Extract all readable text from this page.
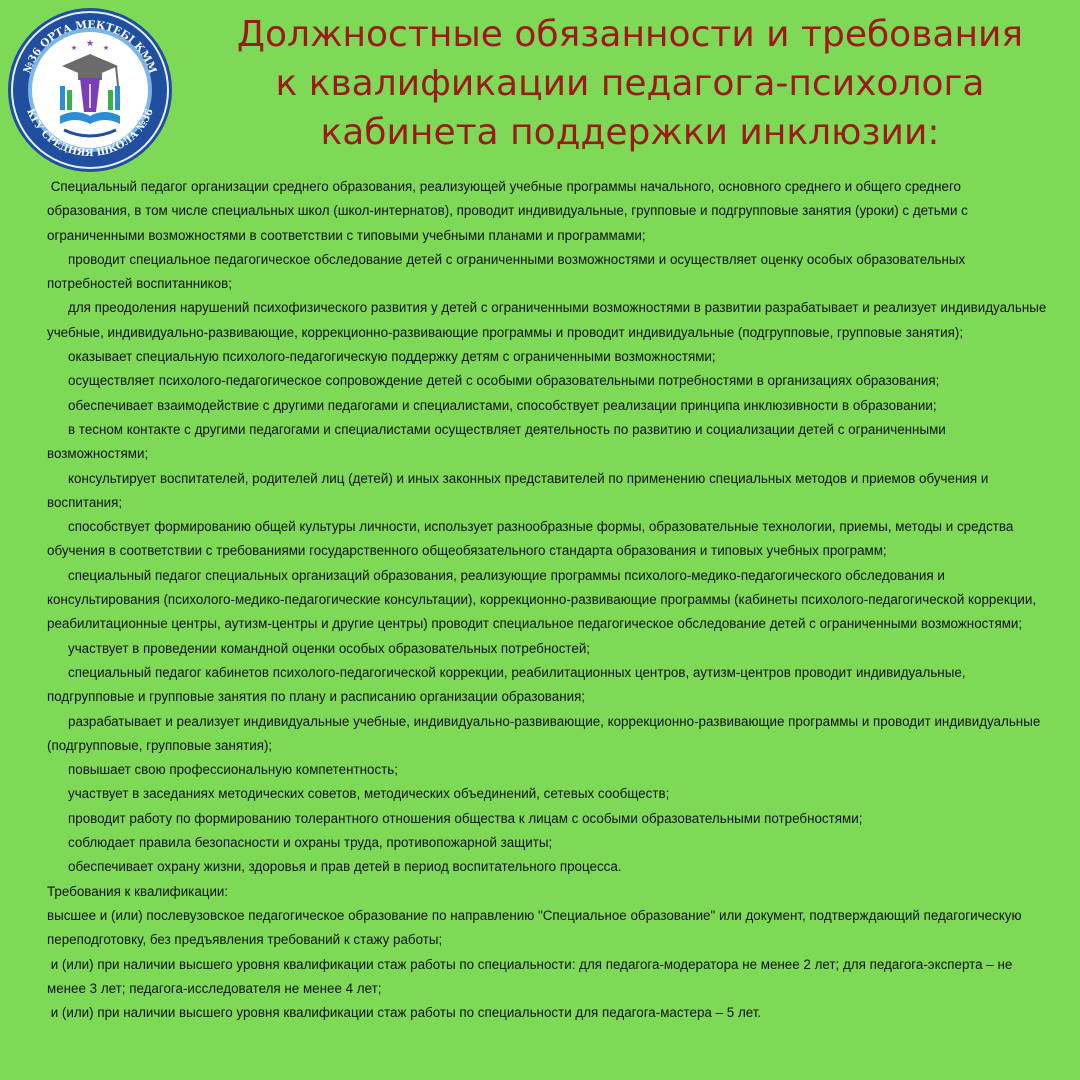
№36 ОРТА МЕКТЕБІ КММ
КГУ СРЕДНЯЯ ШКОЛА №36
★
★	★	Должностные обязанности и требования
к квалификации педагога-психолога
кабинета поддержки инклюзии:

Специальный педагог организации среднего образования, реализующей учебные программы начального, основного среднего и общего среднего образования, в том числе специальных школ (школ-интернатов), проводит индивидуальные, групповые и подгрупповые занятия (уроки) с детьми с ограниченными возможностями в соответствии с типовыми учебными планами и программами;

проводит специальное педагогическое обследование детей с ограниченными возможностями и осуществляет оценку особых образовательных потребностей воспитанников;

для преодоления нарушений психофизического развития у детей с ограниченными возможностями в развитии разрабатывает и реализует индивидуальные учебные, индивидуально-развивающие, коррекционно-развивающие программы и проводит индивидуальные (подгрупповые, групповые занятия);

оказывает специальную психолого-педагогическую поддержку детям с ограниченными возможностями;

осуществляет психолого-педагогическое сопровождение детей с особыми образовательными потребностями в организациях образования;

обеспечивает взаимодействие с другими педагогами и специалистами, способствует реализации принципа инклюзивности в образовании;

в тесном контакте с другими педагогами и специалистами осуществляет деятельность по развитию и социализации детей с ограниченными возможностями;

консультирует воспитателей, родителей лиц (детей) и иных законных представителей по применению специальных методов и приемов обучения и воспитания;

способствует формированию общей культуры личности, использует разнообразные формы, образовательные технологии, приемы, методы и средства обучения в соответствии с требованиями государственного общеобязательного стандарта образования и типовых учебных программ;

специальный педагог специальных организаций образования, реализующие программы психолого-медико-педагогического обследования и консультирования (психолого-медико-педагогические консультации), коррекционно-развивающие программы (кабинеты психолого-педагогической коррекции, реабилитационные центры, аутизм-центры и другие центры) проводит специальное педагогическое обследование детей с ограниченными возможностями;

участвует в проведении командной оценки особых образовательных потребностей;

специальный педагог кабинетов психолого-педагогической коррекции, реабилитационных центров, аутизм-центров проводит индивидуальные, подгрупповые и групповые занятия по плану и расписанию организации образования;

разрабатывает и реализует индивидуальные учебные, индивидуально-развивающие, коррекционно-развивающие программы и проводит индивидуальные (подгрупповые, групповые занятия);

повышает свою профессиональную компетентность;

участвует в заседаниях методических советов, методических объединений, сетевых сообществ;

проводит работу по формированию толерантного отношения общества к лицам с особыми образовательными потребностями;

соблюдает правила безопасности и охраны труда, противопожарной защиты;

обеспечивает охрану жизни, здоровья и прав детей в период воспитательного процесса.

Требования к квалификации:

высшее и (или) послевузовское педагогическое образование по направлению "Специальное образование" или документ, подтверждающий педагогическую переподготовку, без предъявления требований к стажу работы;

и (или) при наличии высшего уровня квалификации стаж работы по специальности: для педагога-модератора не менее 2 лет; для педагога-эксперта – не менее 3 лет; педагога-исследователя не менее 4 лет;

и (или) при наличии высшего уровня квалификации стаж работы по специальности для педагога-мастера – 5 лет.
